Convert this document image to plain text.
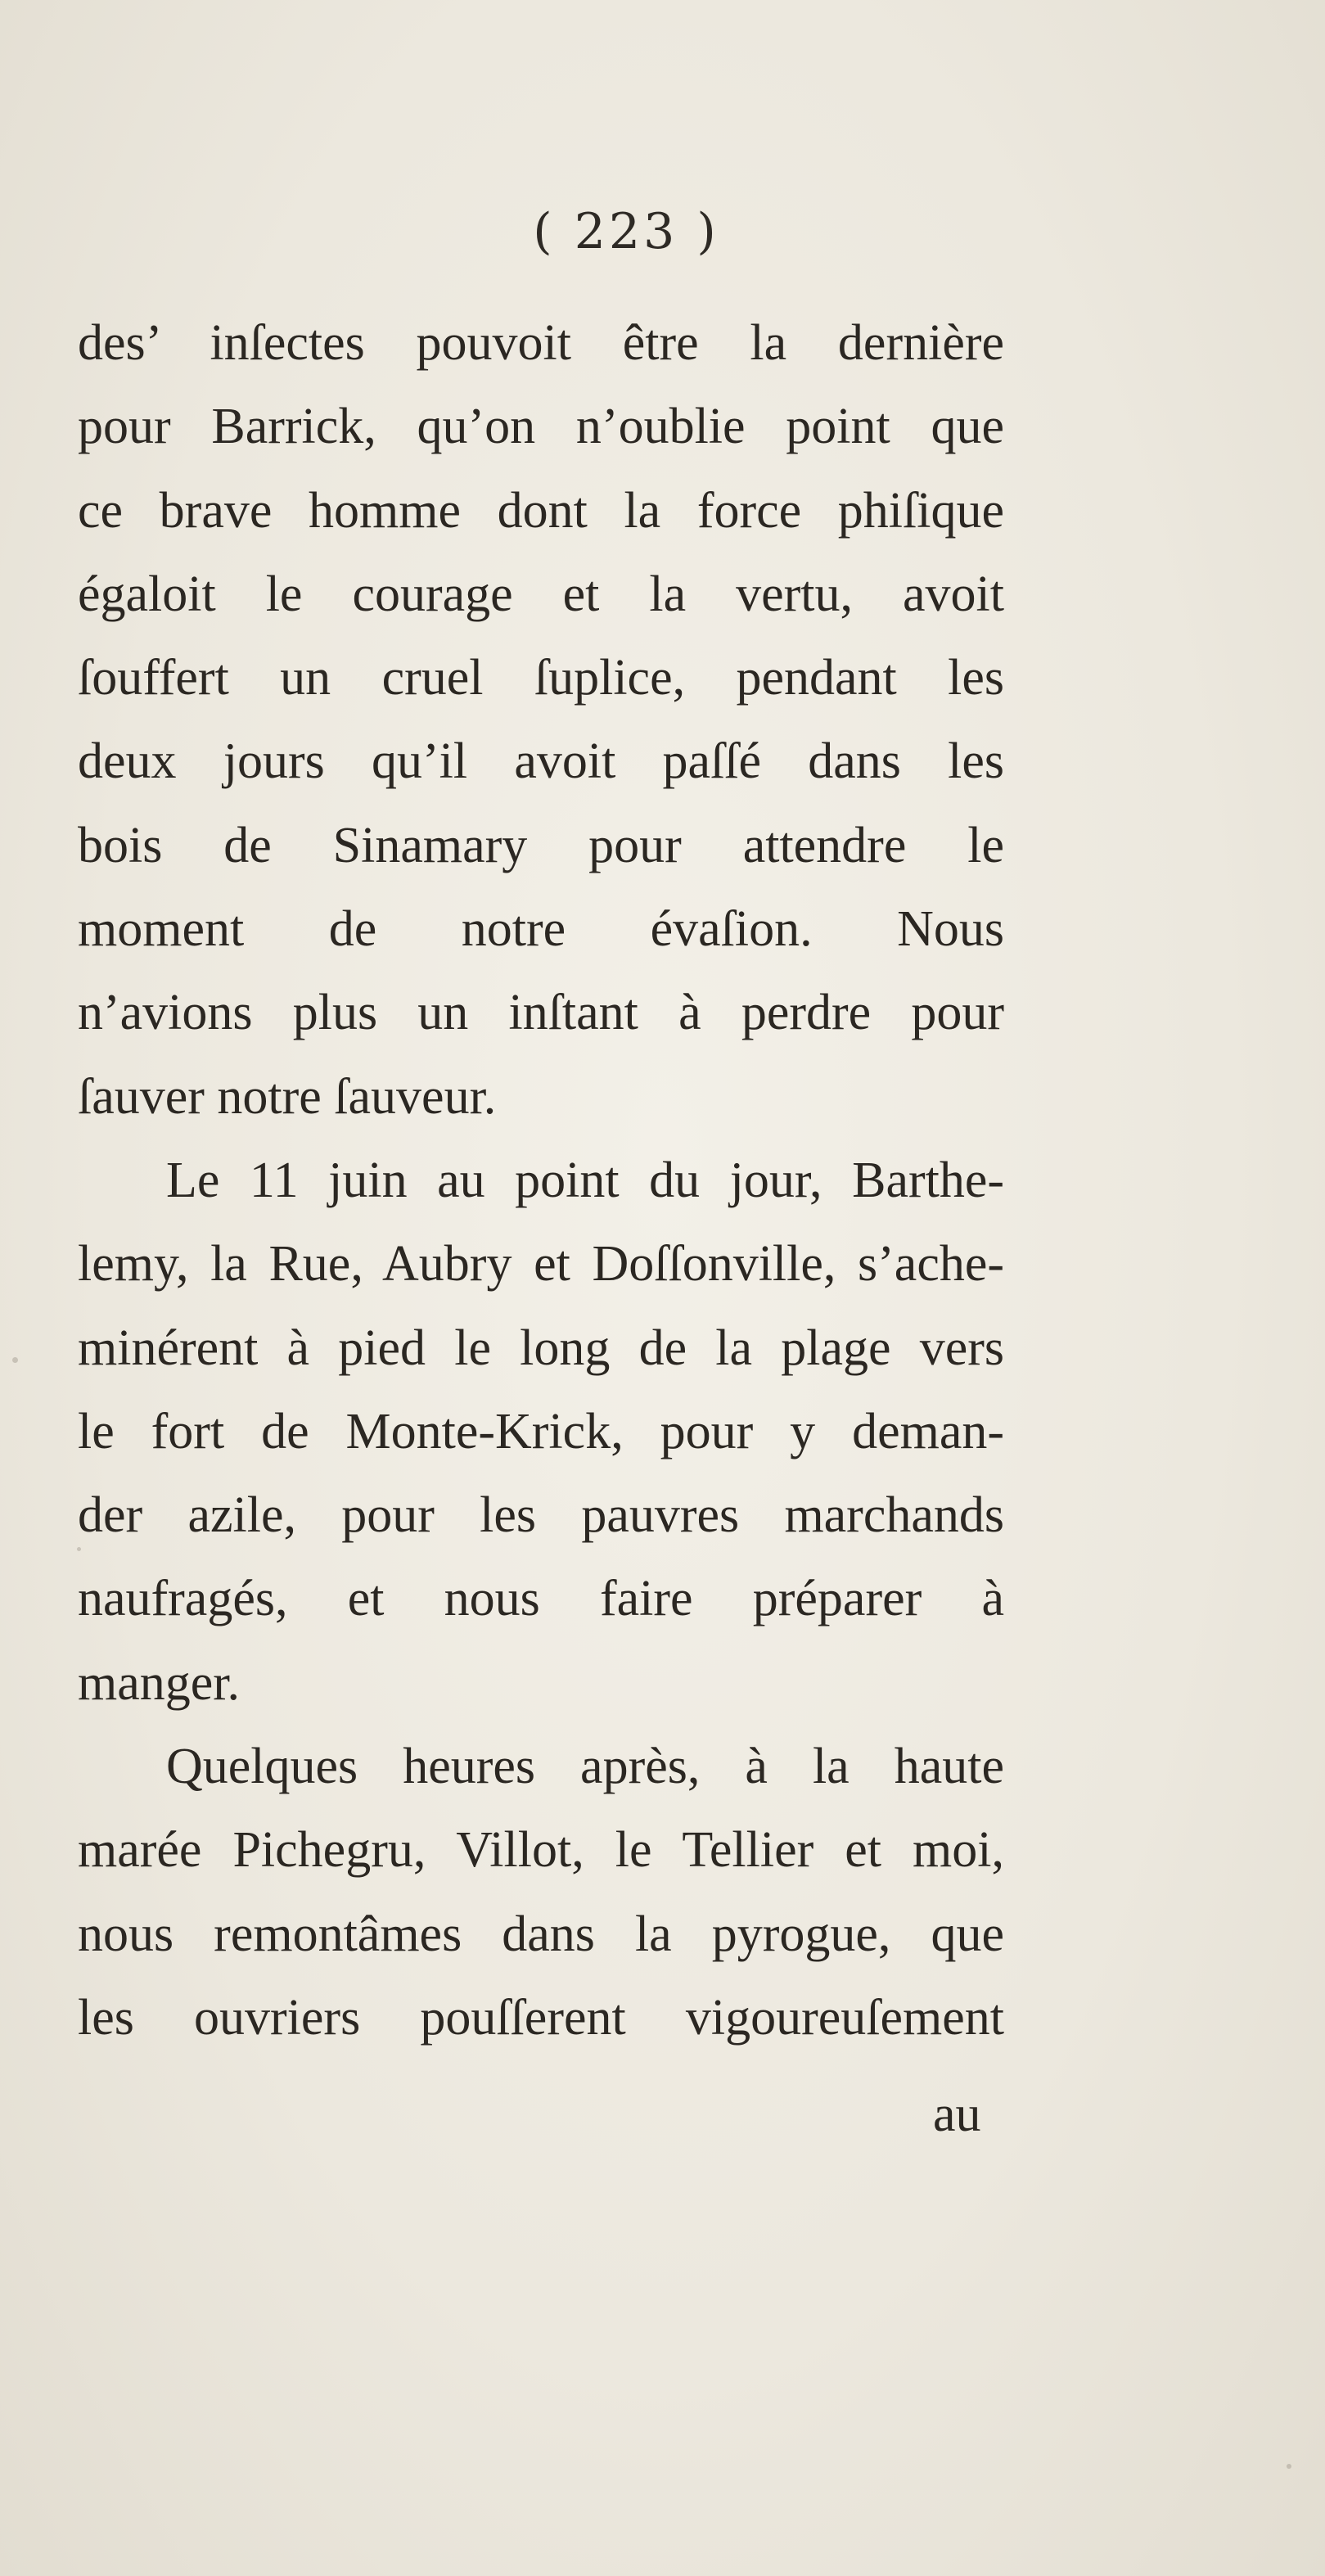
( 223 )
des’ inſectes pouvoit être la dernière
pour Barrick, qu’on n’oublie point que
ce brave homme dont la force phiſique
égaloit le courage et la vertu, avoit
ſouffert un cruel ſuplice, pendant les
deux jours qu’il avoit paſſé dans les
bois de Sinamary pour attendre le
moment de notre évaſion. Nous
n’avions plus un inſtant à perdre pour
ſauver notre ſauveur.
Le 11 juin au point du jour, Barthe-
lemy, la Rue, Aubry et Doſſonville, s’ache-
minérent à pied le long de la plage vers
le fort de Monte-Krick, pour y deman-
der azile, pour les pauvres marchands
naufragés, et nous faire préparer à
manger.
Quelques heures après, à la haute
marée Pichegru, Villot, le Tellier et moi,
nous remontâmes dans la pyrogue, que
les ouvriers pouſſerent vigoureuſement
au
